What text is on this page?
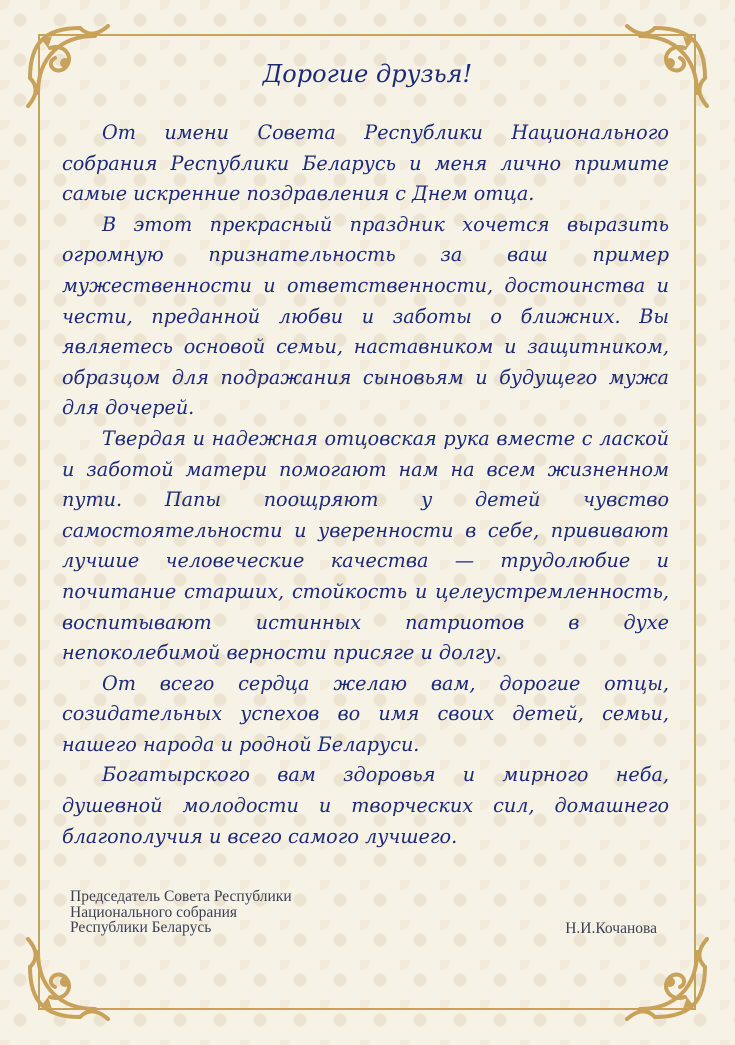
Дорогие друзья!

От имени Совета Республики Национального собрания Республики Беларусь и меня лично примите самые искренние поздравления с Днем отца.

В этот прекрасный праздник хочется выразить огромную признательность за ваш пример мужественности и ответственности, достоинства и чести, преданной любви и заботы о ближних. Вы являетесь основой семьи, наставником и защитником, образцом для подражания сыновьям и будущего мужа для дочерей.

Твердая и надежная отцовская рука вместе с лаской и заботой матери помогают нам на всем жизненном пути. Папы поощряют у детей чувство самостоятельности и уверенности в себе, прививают лучшие человеческие качества — трудолюбие и почитание старших, стойкость и целеустремленность, воспитывают истинных патриотов в духе непоколебимой верности присяге и долгу.

От всего сердца желаю вам, дорогие отцы, созидательных успехов во имя своих детей, семьи, нашего народа и родной Беларуси.

Богатырского вам здоровья и мирного неба, душевной молодости и творческих сил, домашнего благополучия и всего самого лучшего.

Председатель Совета Республики
Национального собрания
Республики Беларусь	Н.И.Кочанова
